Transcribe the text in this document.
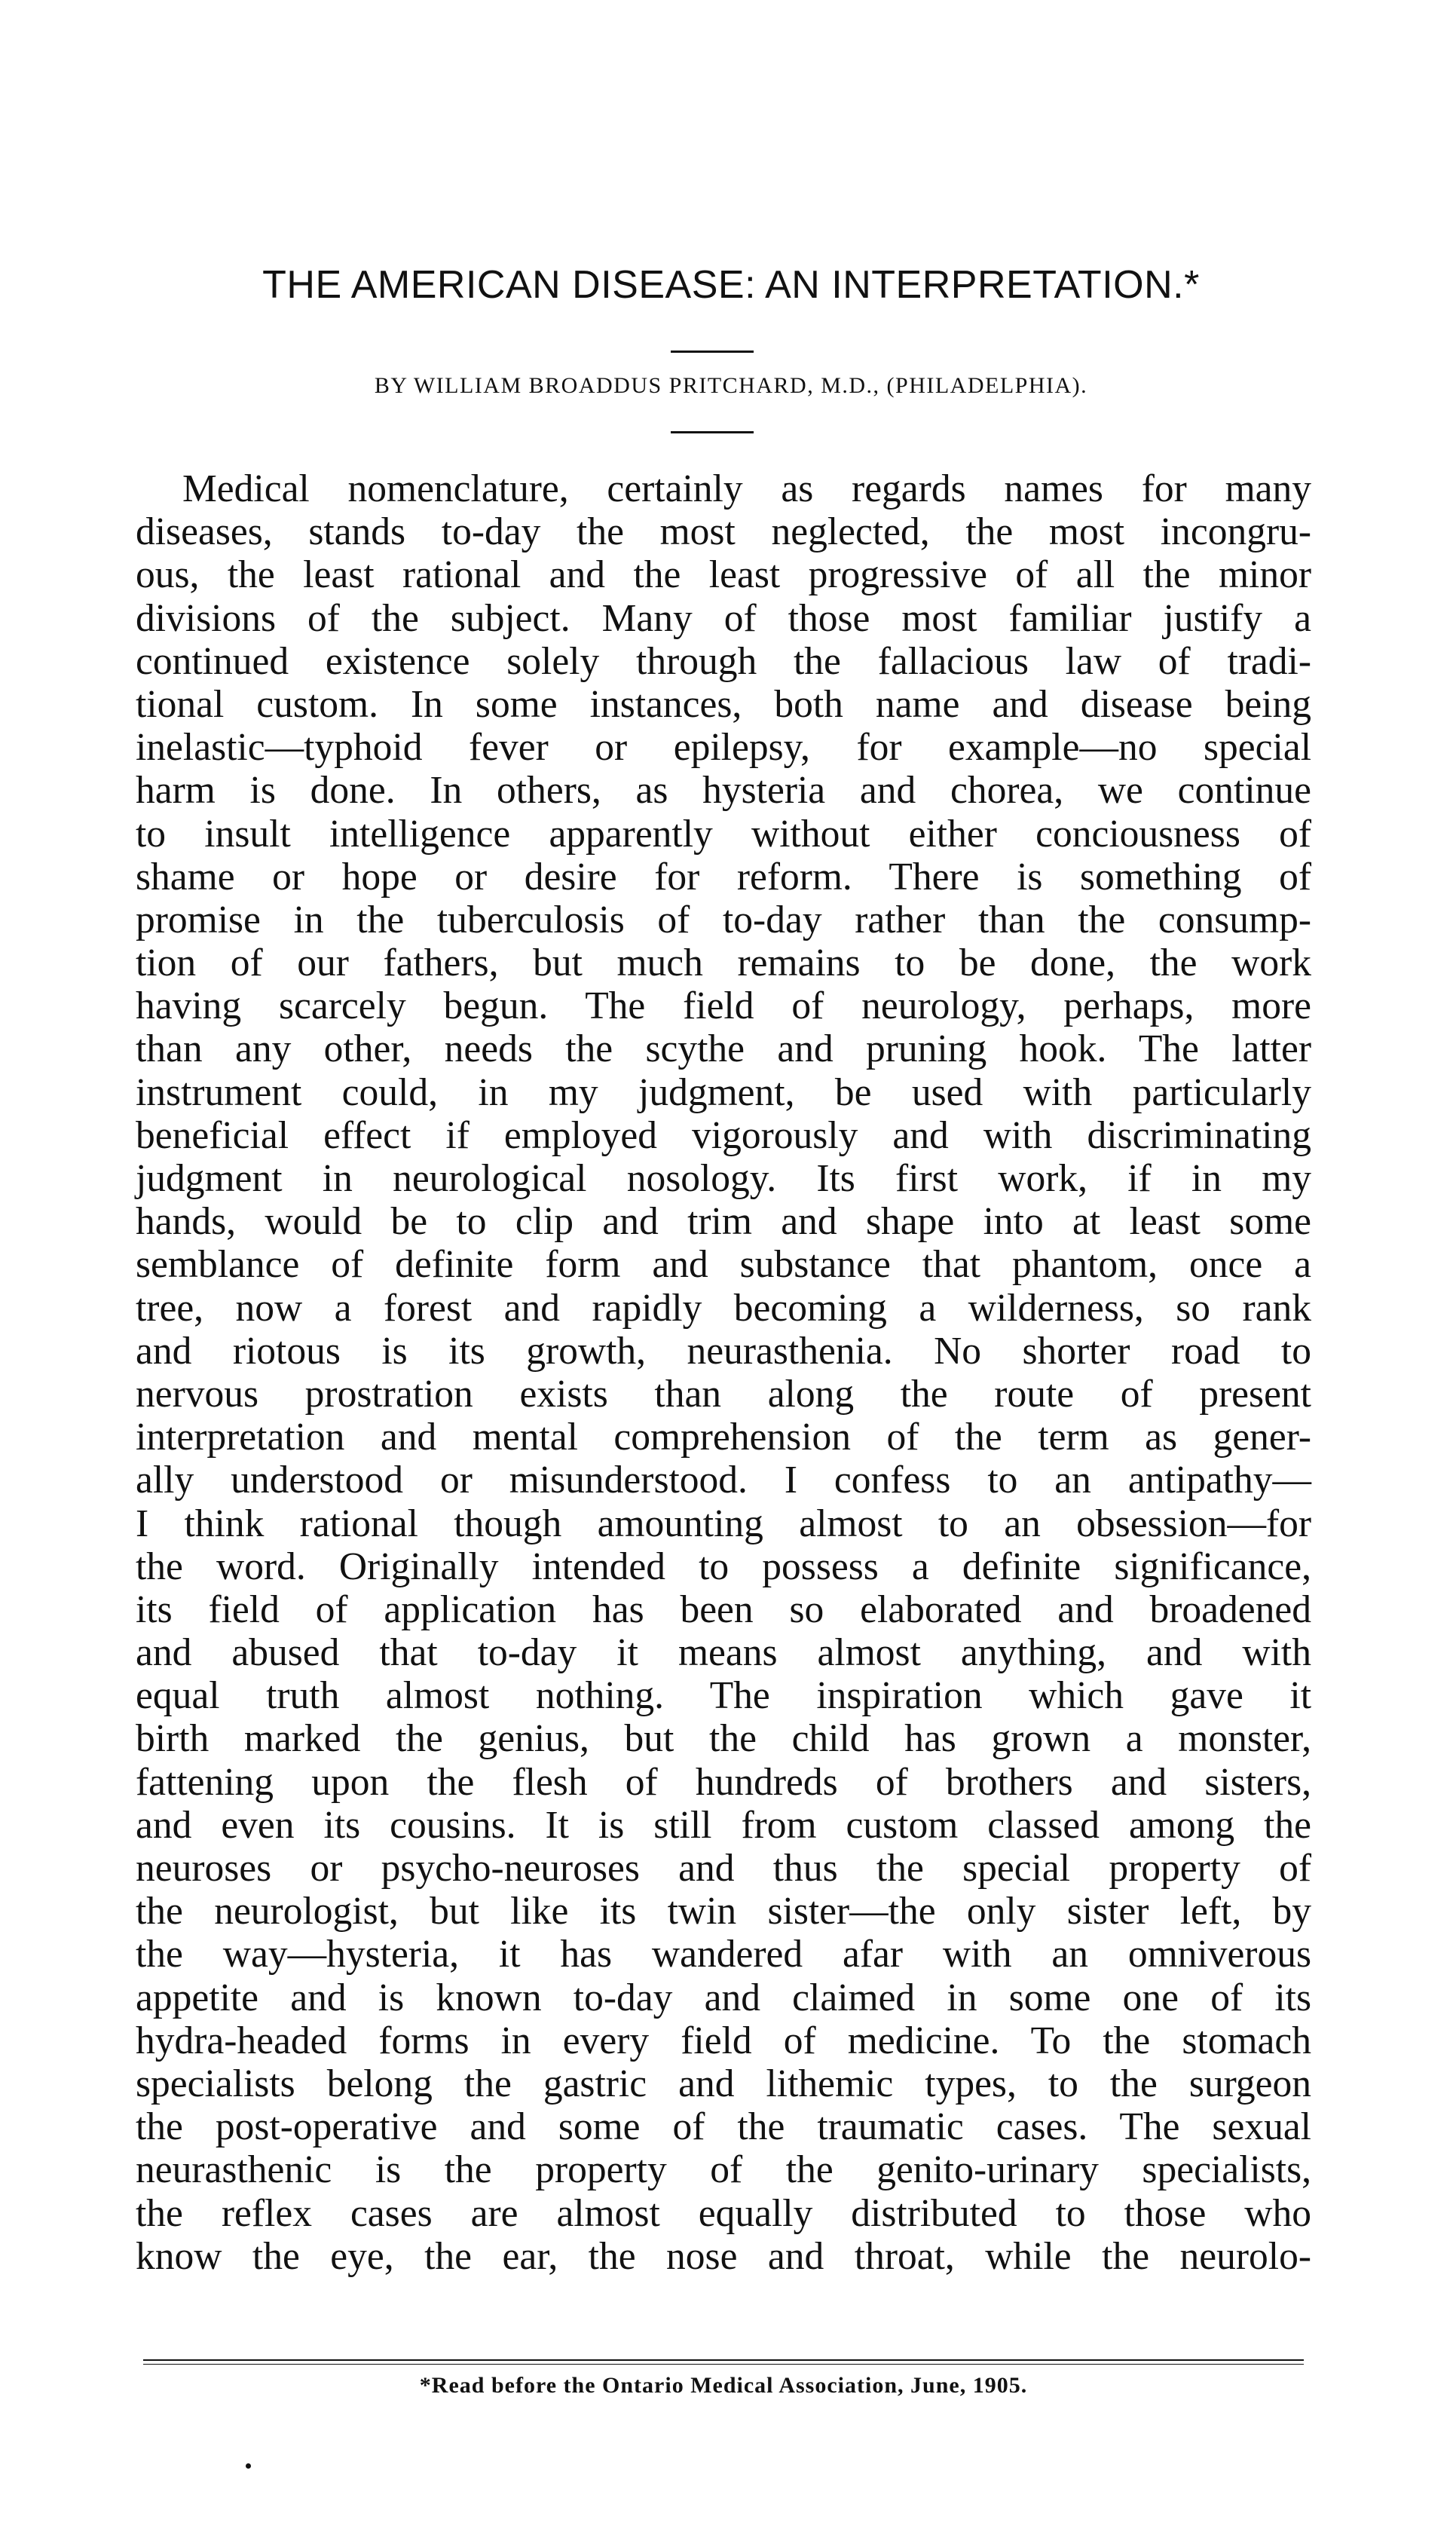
THE AMERICAN DISEASE: AN INTERPRETATION.*
BY WILLIAM BROADDUS PRITCHARD, M.D., (PHILADELPHIA).
Medical nomenclature, certainly as regards names for many
diseases, stands to-day the most neglected, the most incongru-
ous, the least rational and the least progressive of all the minor
divisions of the subject. Many of those most familiar justify a
continued existence solely through the fallacious law of tradi-
tional custom. In some instances, both name and disease being
inelastic—typhoid fever or epilepsy, for example—no special
harm is done. In others, as hysteria and chorea, we continue
to insult intelligence apparently without either conciousness of
shame or hope or desire for reform. There is something of
promise in the tuberculosis of to-day rather than the consump-
tion of our fathers, but much remains to be done, the work
having scarcely begun. The field of neurology, perhaps, more
than any other, needs the scythe and pruning hook. The latter
instrument could, in my judgment, be used with particularly
beneficial effect if employed vigorously and with discriminating
judgment in neurological nosology. Its first work, if in my
hands, would be to clip and trim and shape into at least some
semblance of definite form and substance that phantom, once a
tree, now a forest and rapidly becoming a wilderness, so rank
and riotous is its growth, neurasthenia. No shorter road to
nervous prostration exists than along the route of present
interpretation and mental comprehension of the term as gener-
ally understood or misunderstood. I confess to an antipathy—
I think rational though amounting almost to an obsession—for
the word. Originally intended to possess a definite significance,
its field of application has been so elaborated and broadened
and abused that to-day it means almost anything, and with
equal truth almost nothing. The inspiration which gave it
birth marked the genius, but the child has grown a monster,
fattening upon the flesh of hundreds of brothers and sisters,
and even its cousins. It is still from custom classed among the
neuroses or psycho-neuroses and thus the special property of
the neurologist, but like its twin sister—the only sister left, by
the way—hysteria, it has wandered afar with an omniverous
appetite and is known to-day and claimed in some one of its
hydra-headed forms in every field of medicine. To the stomach
specialists belong the gastric and lithemic types, to the surgeon
the post-operative and some of the traumatic cases. The sexual
neurasthenic is the property of the genito-urinary specialists,
the reflex cases are almost equally distributed to those who
know the eye, the ear, the nose and throat, while the neurolo-
*Read before the Ontario Medical Association, June, 1905.
